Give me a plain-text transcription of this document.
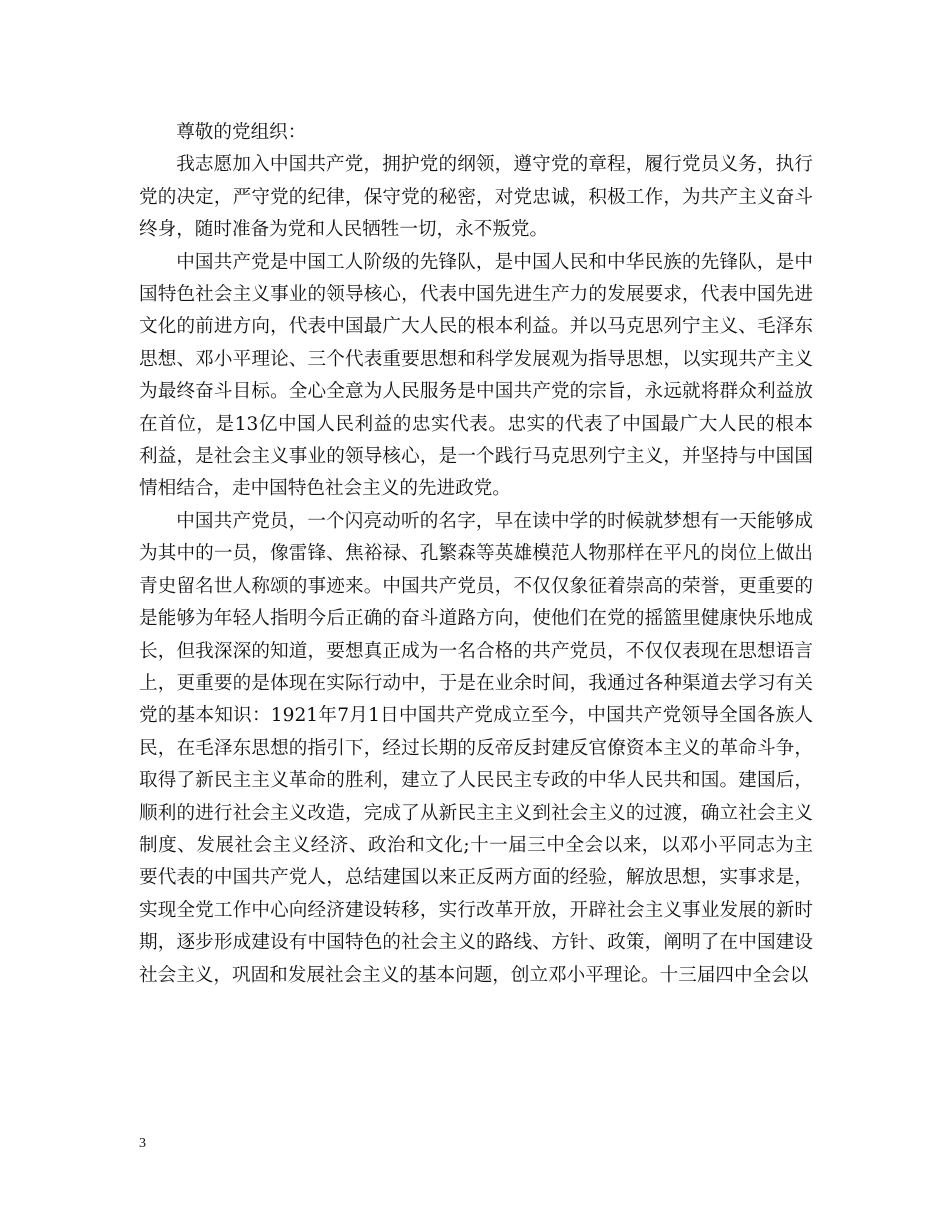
尊敬的党组织：

我志愿加入中国共产党，拥护党的纲领，遵守党的章程，履行党员义务，执行党的决定，严守党的纪律，保守党的秘密，对党忠诚，积极工作，为共产主义奋斗终身，随时准备为党和人民牺牲一切，永不叛党。

中国共产党是中国工人阶级的先锋队，是中国人民和中华民族的先锋队，是中国特色社会主义事业的领导核心，代表中国先进生产力的发展要求，代表中国先进文化的前进方向，代表中国最广大人民的根本利益。并以马克思列宁主义、毛泽东思想、邓小平理论、三个代表重要思想和科学发展观为指导思想，以实现共产主义为最终奋斗目标。全心全意为人民服务是中国共产党的宗旨，永远就将群众利益放在首位，是13亿中国人民利益的忠实代表。忠实的代表了中国最广大人民的根本利益，是社会主义事业的领导核心，是一个践行马克思列宁主义，并坚持与中国国情相结合，走中国特色社会主义的先进政党。

中国共产党员，一个闪亮动听的名字，早在读中学的时候就梦想有一天能够成为其中的一员，像雷锋、焦裕禄、孔繁森等英雄模范人物那样在平凡的岗位上做出青史留名世人称颂的事迹来。中国共产党员，不仅仅象征着崇高的荣誉，更重要的是能够为年轻人指明今后正确的奋斗道路方向，使他们在党的摇篮里健康快乐地成长，但我深深的知道，要想真正成为一名合格的共产党员，不仅仅表现在思想语言上，更重要的是体现在实际行动中，于是在业余时间，我通过各种渠道去学习有关党的基本知识：1921年7月1日中国共产党成立至今，中国共产党领导全国各族人民，在毛泽东思想的指引下，经过长期的反帝反封建反官僚资本主义的革命斗争，取得了新民主主义革命的胜利，建立了人民民主专政的中华人民共和国。建国后，顺利的进行社会主义改造，完成了从新民主主义到社会主义的过渡，确立社会主义制度、发展社会主义经济、政治和文化;十一届三中全会以来，以邓小平同志为主要代表的中国共产党人，总结建国以来正反两方面的经验，解放思想，实事求是，实现全党工作中心向经济建设转移，实行改革开放，开辟社会主义事业发展的新时期，逐步形成建设有中国特色的社会主义的路线、方针、政策，阐明了在中国建设社会主义，巩固和发展社会主义的基本问题，创立邓小平理论。十三届四中全会以

3
